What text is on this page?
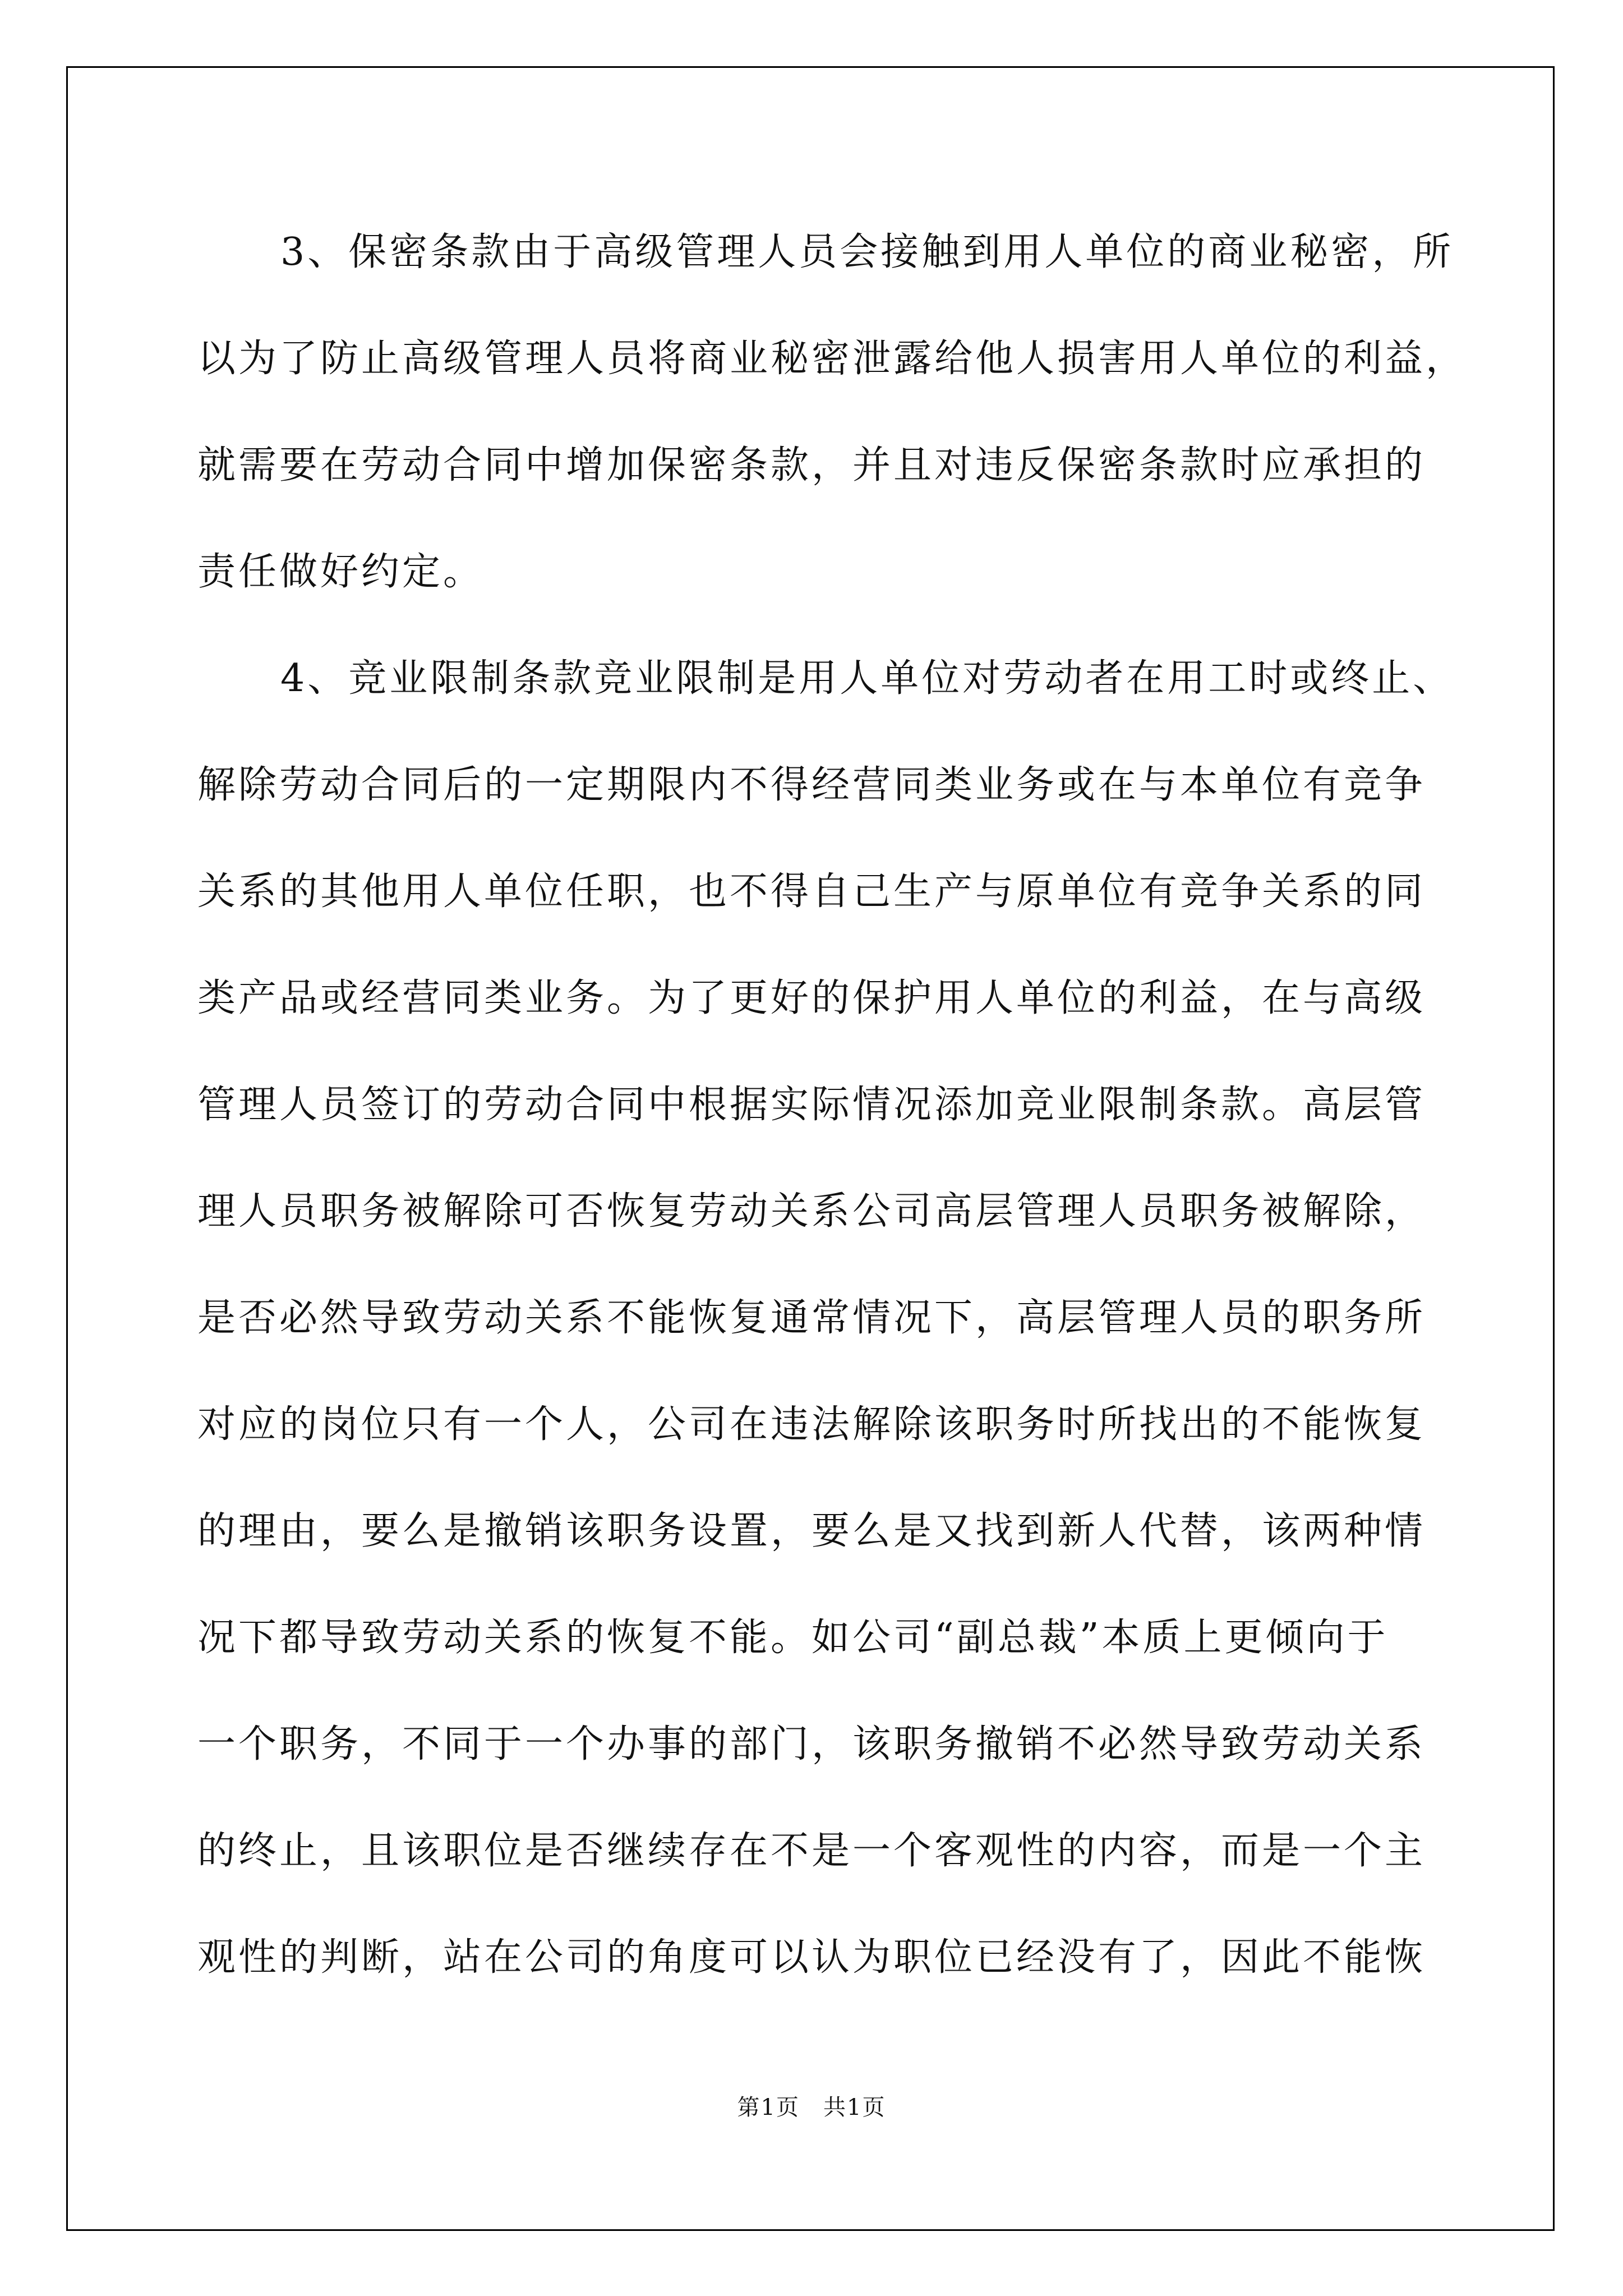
3、保密条款由于高级管理人员会接触到用人单位的商业秘密，所
以为了防止高级管理人员将商业秘密泄露给他人损害用人单位的利益，
就需要在劳动合同中增加保密条款，并且对违反保密条款时应承担的
责任做好约定。
4、竞业限制条款竞业限制是用人单位对劳动者在用工时或终止、
解除劳动合同后的一定期限内不得经营同类业务或在与本单位有竞争
关系的其他用人单位任职，也不得自己生产与原单位有竞争关系的同
类产品或经营同类业务。为了更好的保护用人单位的利益，在与高级
管理人员签订的劳动合同中根据实际情况添加竞业限制条款。高层管
理人员职务被解除可否恢复劳动关系公司高层管理人员职务被解除，
是否必然导致劳动关系不能恢复通常情况下，高层管理人员的职务所
对应的岗位只有一个人，公司在违法解除该职务时所找出的不能恢复
的理由，要么是撤销该职务设置，要么是又找到新人代替，该两种情
况下都导致劳动关系的恢复不能。如公司“副总裁”本质上更倾向于
一个职务，不同于一个办事的部门，该职务撤销不必然导致劳动关系
的终止，且该职位是否继续存在不是一个客观性的内容，而是一个主
观性的判断，站在公司的角度可以认为职位已经没有了，因此不能恢
第1页　共1页
